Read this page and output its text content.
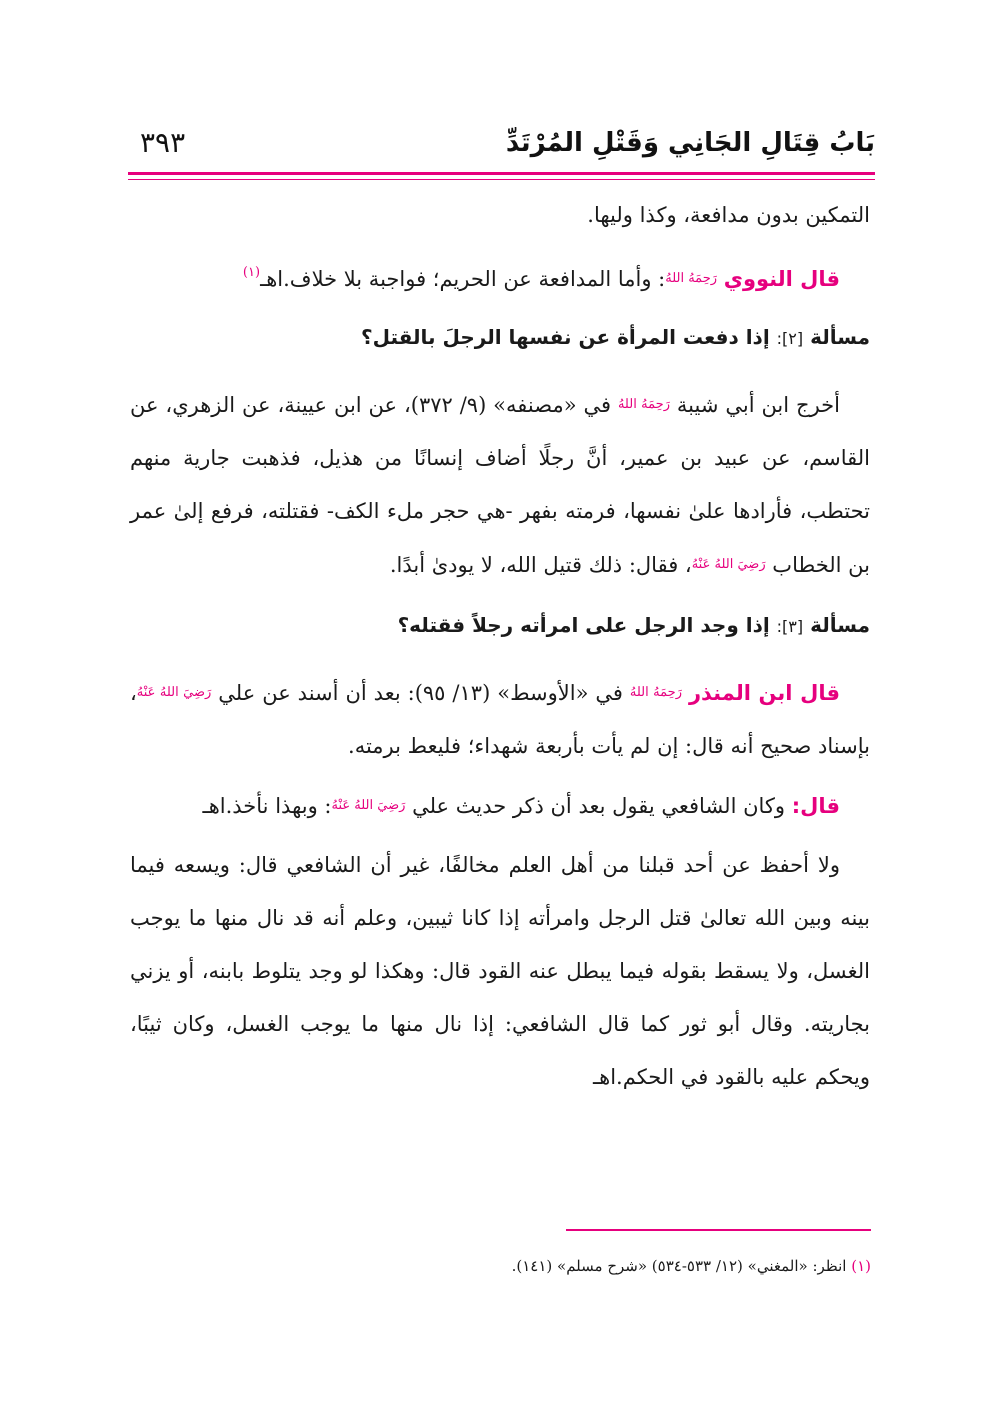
بَابُ قِتَالِ الجَانِي وَقَتْلِ المُرْتَدِّ
٣٩٣

التمكين بدون مدافعة، وكذا وليها.

قال النووي رَحِمَهُ اللهُ: وأما المدافعة عن الحريم؛ فواجبة بلا خلاف.اهـ$^{(١)}$

مسألة [٢]: إذا دفعت المرأة عن نفسها الرجلَ بالقتل؟

أخرج ابن أبي شيبة رَحِمَهُ اللهُ في «مصنفه» (٩/ ٣٧٢)، عن ابن عيينة، عن الزهري، عن القاسم، عن عبيد بن عمير، أنَّ رجلًا أضاف إنسانًا من هذيل، فذهبت جارية منهم تحتطب، فأرادها علىٰ نفسها، فرمته بفهر -هي حجر ملء الكف- فقتلته، فرفع إلىٰ عمر بن الخطاب رَضِيَ اللهُ عَنْهُ، فقال: ذلك قتيل الله، لا يودىٰ أبدًا.

مسألة [٣]: إذا وجد الرجل على امرأته رجلاً فقتله؟

قال ابن المنذر رَحِمَهُ اللهُ في «الأوسط» (١٣/ ٩٥): بعد أن أسند عن علي رَضِيَ اللهُ عَنْهُ، بإسناد صحيح أنه قال: إن لم يأت بأربعة شهداء؛ فليعط برمته.

قال: وكان الشافعي يقول بعد أن ذكر حديث علي رَضِيَ اللهُ عَنْهُ: وبهذا نأخذ.اهـ

ولا أحفظ عن أحد قبلنا من أهل العلم مخالفًا، غير أن الشافعي قال: ويسعه فيما بينه وبين الله تعالىٰ قتل الرجل وامرأته إذا كانا ثيبين، وعلم أنه قد نال منها ما يوجب الغسل، ولا يسقط بقوله فيما يبطل عنه القود قال: وهكذا لو وجد يتلوط بابنه، أو يزني بجاريته. وقال أبو ثور كما قال الشافعي: إذا نال منها ما يوجب الغسل، وكان ثيبًا، ويحكم عليه بالقود في الحكم.اهـ

(١) انظر: «المغني» (١٢/ ٥٣٣-٥٣٤) «شرح مسلم» (١٤١).
